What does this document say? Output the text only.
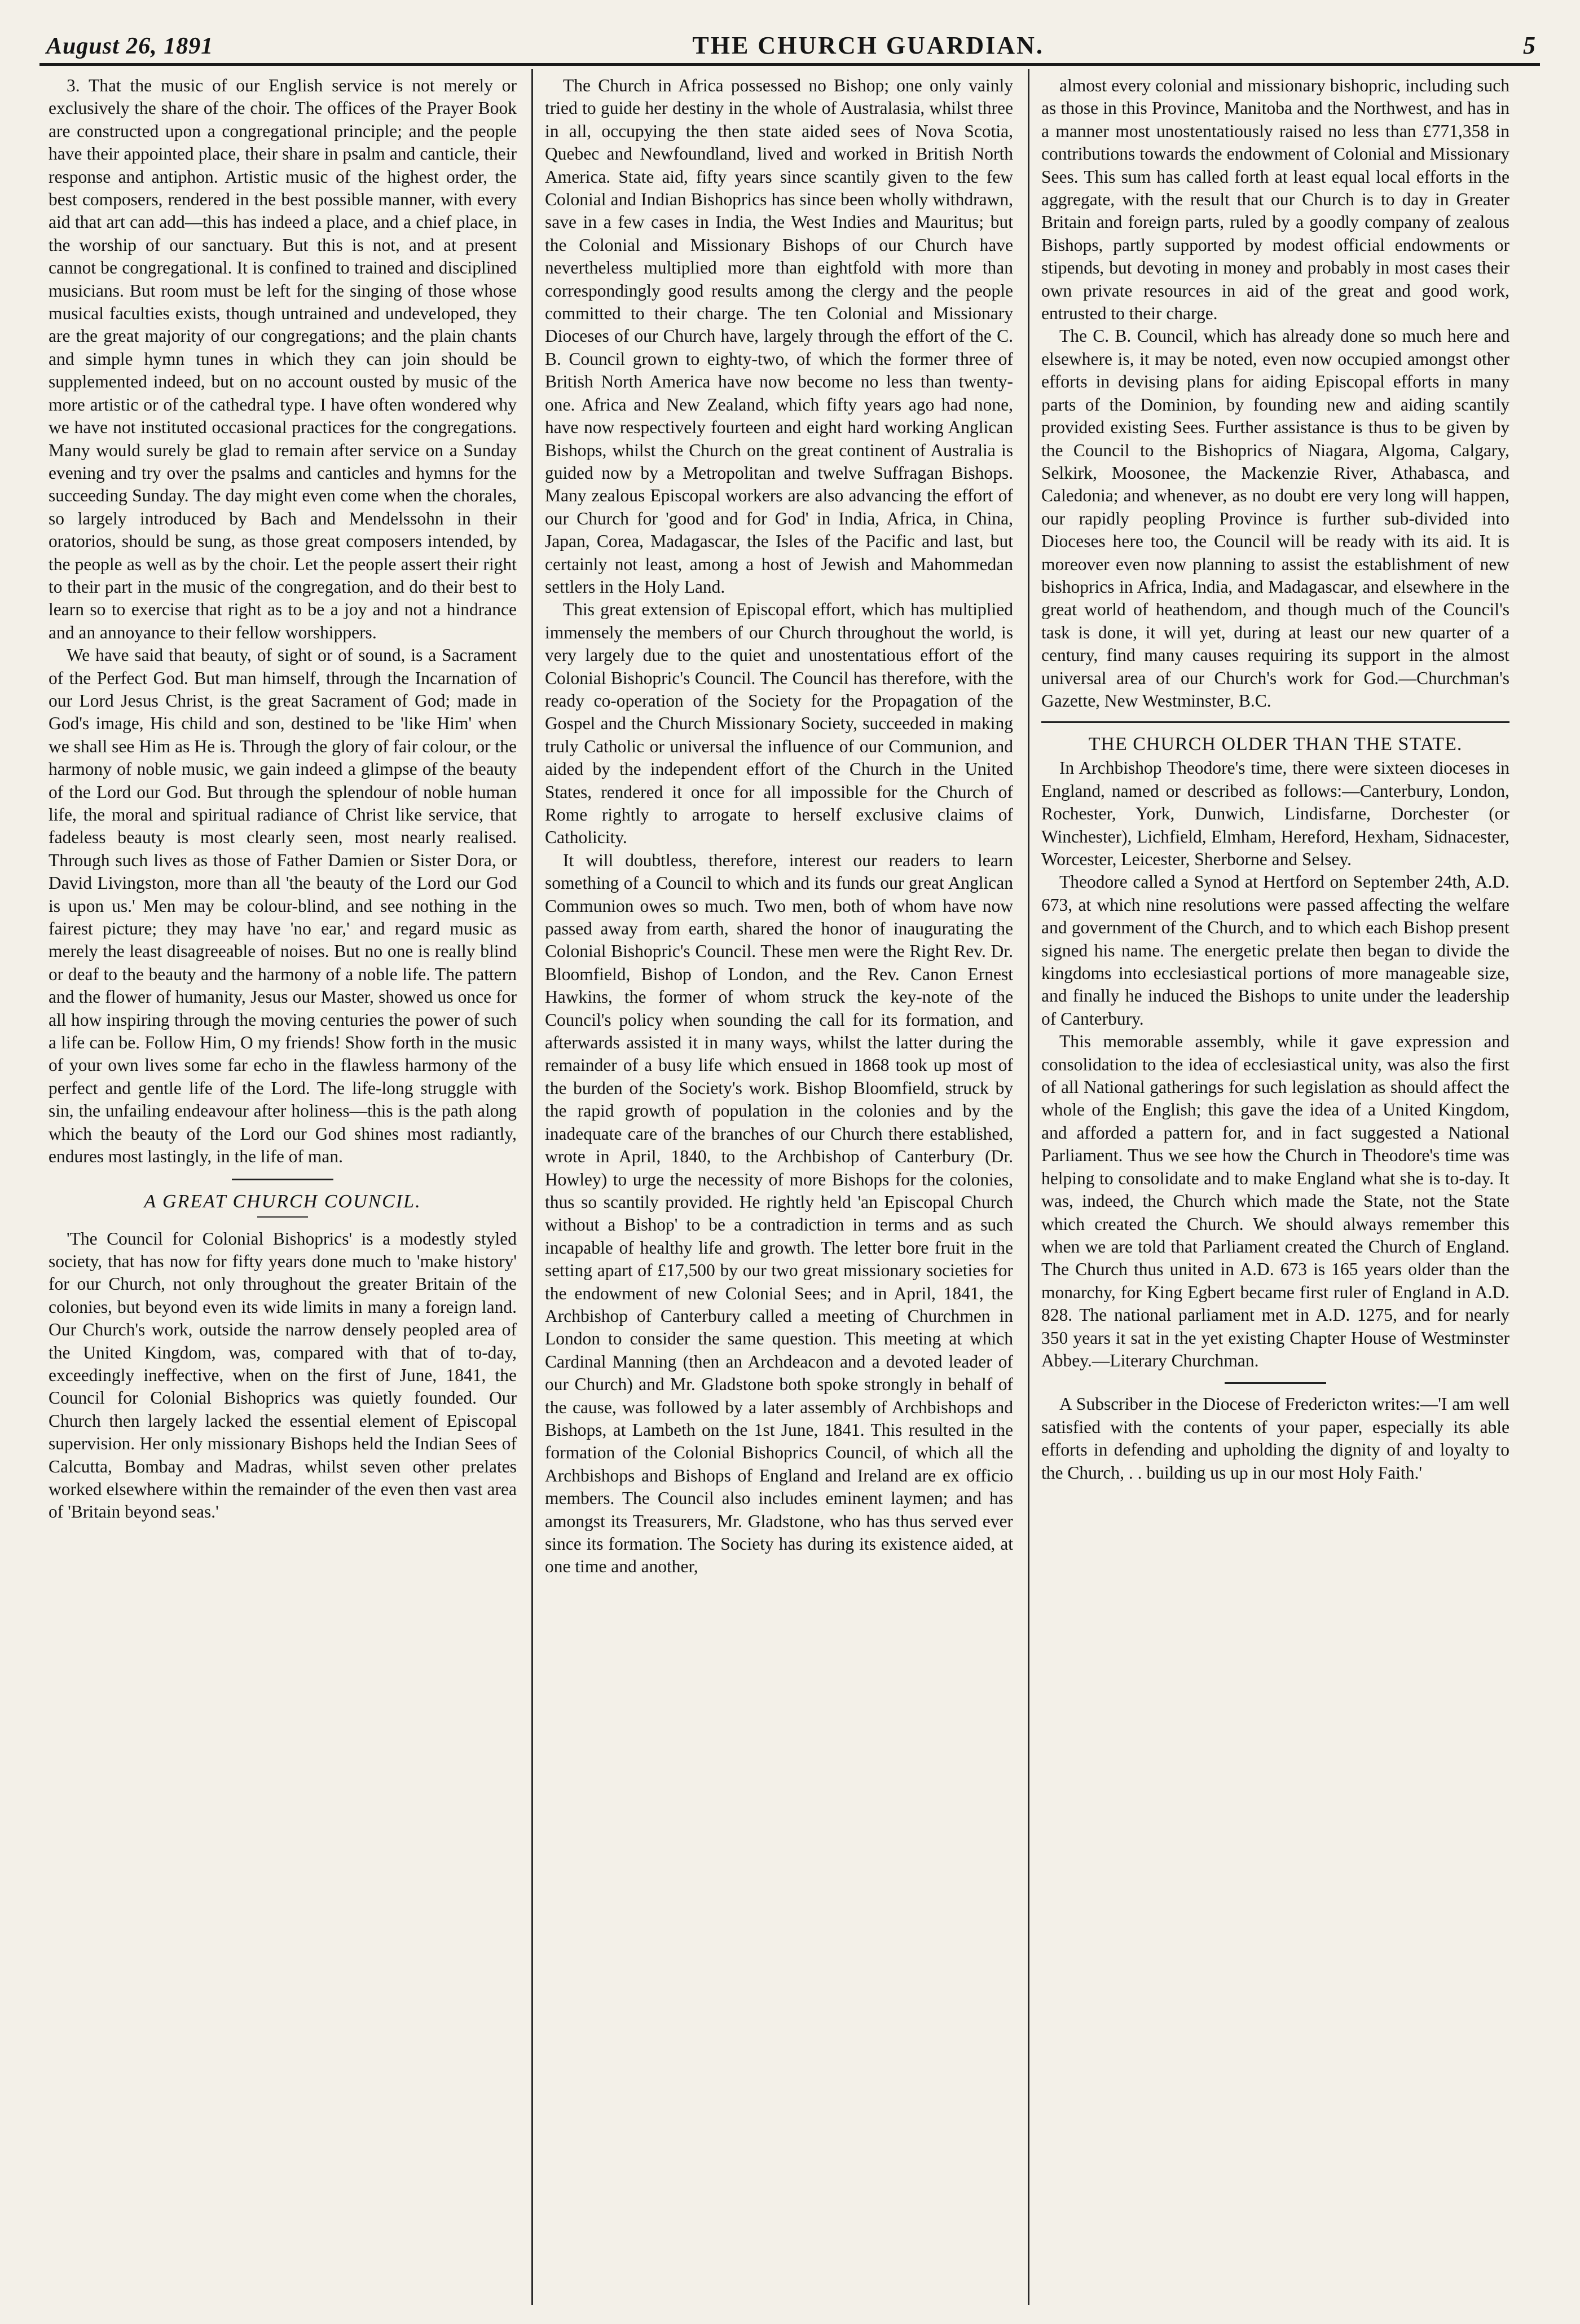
August 26, 1891	THE CHURCH GUARDIAN.	5

3. That the music of our English service is not merely or exclusively the share of the choir. The offices of the Prayer Book are constructed upon a congregational principle; and the people have their appointed place, their share in psalm and canticle, their response and antiphon. Artistic music of the highest order, the best composers, rendered in the best possible manner, with every aid that art can add—this has indeed a place, and a chief place, in the worship of our sanctuary. But this is not, and at present cannot be congregational. It is confined to trained and disciplined musicians. But room must be left for the singing of those whose musical faculties exists, though untrained and undeveloped, they are the great majority of our congregations; and the plain chants and simple hymn tunes in which they can join should be supplemented indeed, but on no account ousted by music of the more artistic or of the cathedral type. I have often wondered why we have not instituted occasional practices for the congregations. Many would surely be glad to remain after service on a Sunday evening and try over the psalms and canticles and hymns for the succeeding Sunday. The day might even come when the chorales, so largely introduced by Bach and Mendelssohn in their oratorios, should be sung, as those great composers intended, by the people as well as by the choir. Let the people assert their right to their part in the music of the congregation, and do their best to learn so to exercise that right as to be a joy and not a hindrance and an annoyance to their fellow worshippers.

We have said that beauty, of sight or of sound, is a Sacrament of the Perfect God. But man himself, through the Incarnation of our Lord Jesus Christ, is the great Sacrament of God; made in God's image, His child and son, destined to be 'like Him' when we shall see Him as He is. Through the glory of fair colour, or the harmony of noble music, we gain indeed a glimpse of the beauty of the Lord our God. But through the splendour of noble human life, the moral and spiritual radiance of Christ like service, that fadeless beauty is most clearly seen, most nearly realised. Through such lives as those of Father Damien or Sister Dora, or David Livingston, more than all 'the beauty of the Lord our God is upon us.' Men may be colour-blind, and see nothing in the fairest picture; they may have 'no ear,' and regard music as merely the least disagreeable of noises. But no one is really blind or deaf to the beauty and the harmony of a noble life. The pattern and the flower of humanity, Jesus our Master, showed us once for all how inspiring through the moving centuries the power of such a life can be. Follow Him, O my friends! Show forth in the music of your own lives some far echo in the flawless harmony of the perfect and gentle life of the Lord. The life-long struggle with sin, the unfailing endeavour after holiness—this is the path along which the beauty of the Lord our God shines most radiantly, endures most lastingly, in the life of man.

A GREAT CHURCH COUNCIL.

'The Council for Colonial Bishoprics' is a modestly styled society, that has now for fifty years done much to 'make history' for our Church, not only throughout the greater Britain of the colonies, but beyond even its wide limits in many a foreign land. Our Church's work, outside the narrow densely peopled area of the United Kingdom, was, compared with that of to-day, exceedingly ineffective, when on the first of June, 1841, the Council for Colonial Bishoprics was quietly founded. Our Church then largely lacked the essential element of Episcopal supervision. Her only missionary Bishops held the Indian Sees of Calcutta, Bombay and Madras, whilst seven other prelates worked elsewhere within the remainder of the even then vast area of 'Britain beyond seas.'

The Church in Africa possessed no Bishop; one only vainly tried to guide her destiny in the whole of Australasia, whilst three in all, occupying the then state aided sees of Nova Scotia, Quebec and Newfoundland, lived and worked in British North America. State aid, fifty years since scantily given to the few Colonial and Indian Bishoprics has since been wholly withdrawn, save in a few cases in India, the West Indies and Mauritus; but the Colonial and Missionary Bishops of our Church have nevertheless multiplied more than eightfold with more than correspondingly good results among the clergy and the people committed to their charge. The ten Colonial and Missionary Dioceses of our Church have, largely through the effort of the C. B. Council grown to eighty-two, of which the former three of British North America have now become no less than twenty-one. Africa and New Zealand, which fifty years ago had none, have now respectively fourteen and eight hard working Anglican Bishops, whilst the Church on the great continent of Australia is guided now by a Metropolitan and twelve Suffragan Bishops. Many zealous Episcopal workers are also advancing the effort of our Church for 'good and for God' in India, Africa, in China, Japan, Corea, Madagascar, the Isles of the Pacific and last, but certainly not least, among a host of Jewish and Mahommedan settlers in the Holy Land.

This great extension of Episcopal effort, which has multiplied immensely the members of our Church throughout the world, is very largely due to the quiet and unostentatious effort of the Colonial Bishopric's Council. The Council has therefore, with the ready co-operation of the Society for the Propagation of the Gospel and the Church Missionary Society, succeeded in making truly Catholic or universal the influence of our Communion, and aided by the independent effort of the Church in the United States, rendered it once for all impossible for the Church of Rome rightly to arrogate to herself exclusive claims of Catholicity.

It will doubtless, therefore, interest our readers to learn something of a Council to which and its funds our great Anglican Communion owes so much. Two men, both of whom have now passed away from earth, shared the honor of inaugurating the Colonial Bishopric's Council. These men were the Right Rev. Dr. Bloomfield, Bishop of London, and the Rev. Canon Ernest Hawkins, the former of whom struck the key-note of the Council's policy when sounding the call for its formation, and afterwards assisted it in many ways, whilst the latter during the remainder of a busy life which ensued in 1868 took up most of the burden of the Society's work. Bishop Bloomfield, struck by the rapid growth of population in the colonies and by the inadequate care of the branches of our Church there established, wrote in April, 1840, to the Archbishop of Canterbury (Dr. Howley) to urge the necessity of more Bishops for the colonies, thus so scantily provided. He rightly held 'an Episcopal Church without a Bishop' to be a contradiction in terms and as such incapable of healthy life and growth. The letter bore fruit in the setting apart of £17,500 by our two great missionary societies for the endowment of new Colonial Sees; and in April, 1841, the Archbishop of Canterbury called a meeting of Churchmen in London to consider the same question. This meeting at which Cardinal Manning (then an Archdeacon and a devoted leader of our Church) and Mr. Gladstone both spoke strongly in behalf of the cause, was followed by a later assembly of Archbishops and Bishops, at Lambeth on the 1st June, 1841. This resulted in the formation of the Colonial Bishoprics Council, of which all the Archbishops and Bishops of England and Ireland are ex officio members. The Council also includes eminent laymen; and has amongst its Treasurers, Mr. Gladstone, who has thus served ever since its formation. The Society has during its existence aided, at one time and another,

almost every colonial and missionary bishopric, including such as those in this Province, Manitoba and the Northwest, and has in a manner most unostentatiously raised no less than £771,358 in contributions towards the endowment of Colonial and Missionary Sees. This sum has called forth at least equal local efforts in the aggregate, with the result that our Church is to day in Greater Britain and foreign parts, ruled by a goodly company of zealous Bishops, partly supported by modest official endowments or stipends, but devoting in money and probably in most cases their own private resources in aid of the great and good work, entrusted to their charge.

The C. B. Council, which has already done so much here and elsewhere is, it may be noted, even now occupied amongst other efforts in devising plans for aiding Episcopal efforts in many parts of the Dominion, by founding new and aiding scantily provided existing Sees. Further assistance is thus to be given by the Council to the Bishoprics of Niagara, Algoma, Calgary, Selkirk, Moosonee, the Mackenzie River, Athabasca, and Caledonia; and whenever, as no doubt ere very long will happen, our rapidly peopling Province is further sub-divided into Dioceses here too, the Council will be ready with its aid. It is moreover even now planning to assist the establishment of new bishoprics in Africa, India, and Madagascar, and elsewhere in the great world of heathendom, and though much of the Council's task is done, it will yet, during at least our new quarter of a century, find many causes requiring its support in the almost universal area of our Church's work for God.—Churchman's Gazette, New Westminster, B.C.

THE CHURCH OLDER THAN THE STATE.

In Archbishop Theodore's time, there were sixteen dioceses in England, named or described as follows:—Canterbury, London, Rochester, York, Dunwich, Lindisfarne, Dorchester (or Winchester), Lichfield, Elmham, Hereford, Hexham, Sidnacester, Worcester, Leicester, Sherborne and Selsey.

Theodore called a Synod at Hertford on September 24th, A.D. 673, at which nine resolutions were passed affecting the welfare and government of the Church, and to which each Bishop present signed his name. The energetic prelate then began to divide the kingdoms into ecclesiastical portions of more manageable size, and finally he induced the Bishops to unite under the leadership of Canterbury.

This memorable assembly, while it gave expression and consolidation to the idea of ecclesiastical unity, was also the first of all National gatherings for such legislation as should affect the whole of the English; this gave the idea of a United Kingdom, and afforded a pattern for, and in fact suggested a National Parliament. Thus we see how the Church in Theodore's time was helping to consolidate and to make England what she is to-day. It was, indeed, the Church which made the State, not the State which created the Church. We should always remember this when we are told that Parliament created the Church of England. The Church thus united in A.D. 673 is 165 years older than the monarchy, for King Egbert became first ruler of England in A.D. 828. The national parliament met in A.D. 1275, and for nearly 350 years it sat in the yet existing Chapter House of Westminster Abbey.—Literary Churchman.

A Subscriber in the Diocese of Fredericton writes:—'I am well satisfied with the contents of your paper, especially its able efforts in defending and upholding the dignity of and loyalty to the Church, . . building us up in our most Holy Faith.'
